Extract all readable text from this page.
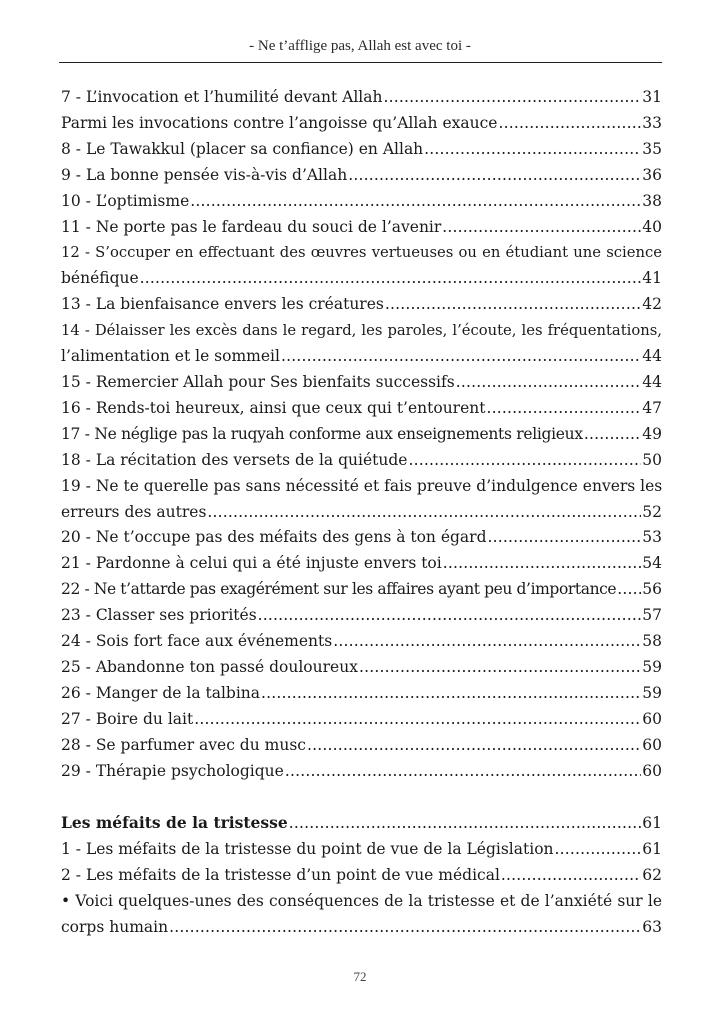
- Ne t’afflige pas, Allah est avec toi -
7 - L’invocation et l’humilité devant Allah .....	31
Parmi les invocations contre l’angoisse qu’Allah exauce .....	33
8 - Le Tawakkul (placer sa confiance) en Allah .....	35
9 - La bonne pensée vis-à-vis d’Allah .....	36
10 - L’optimisme .....	38
11 - Ne porte pas le fardeau du souci de l’avenir .....	40
12 - S’occuper en effectuant des œuvres vertueuses ou en étudiant une science
bénéfique .....	41
13 - La bienfaisance envers les créatures .....	42
14 - Délaisser les excès dans le regard, les paroles, l’écoute, les fréquentations,
l’alimentation et le sommeil .....	44
15 - Remercier Allah pour Ses bienfaits successifs .....	44
16 - Rends-toi heureux, ainsi que ceux qui t’entourent .....	47
17 - Ne néglige pas la ruqyah conforme aux enseignements religieux .....	49
18 - La récitation des versets de la quiétude .....	50
19 - Ne te querelle pas sans nécessité et fais preuve d’indulgence envers les
erreurs des autres .....	52
20 - Ne t’occupe pas des méfaits des gens à ton égard .....	53
21 - Pardonne à celui qui a été injuste envers toi .....	54
22 - Ne t’attarde pas exagérément sur les affaires ayant peu d’importance ..... 56
23 - Classer ses priorités .....	57
24 - Sois fort face aux événements .....	58
25 - Abandonne ton passé douloureux .....	59
26 - Manger de la talbina .....	59
27 - Boire du lait .....	60
28 - Se parfumer avec du musc .....	60
29 - Thérapie psychologique .....	60
Les méfaits de la tristesse .....	61
1 - Les méfaits de la tristesse du point de vue de la Législation .....	61
2 - Les méfaits de la tristesse d’un point de vue médical .....	62
• Voici quelques-unes des conséquences de la tristesse et de l’anxiété sur le
corps humain .....	63
72
